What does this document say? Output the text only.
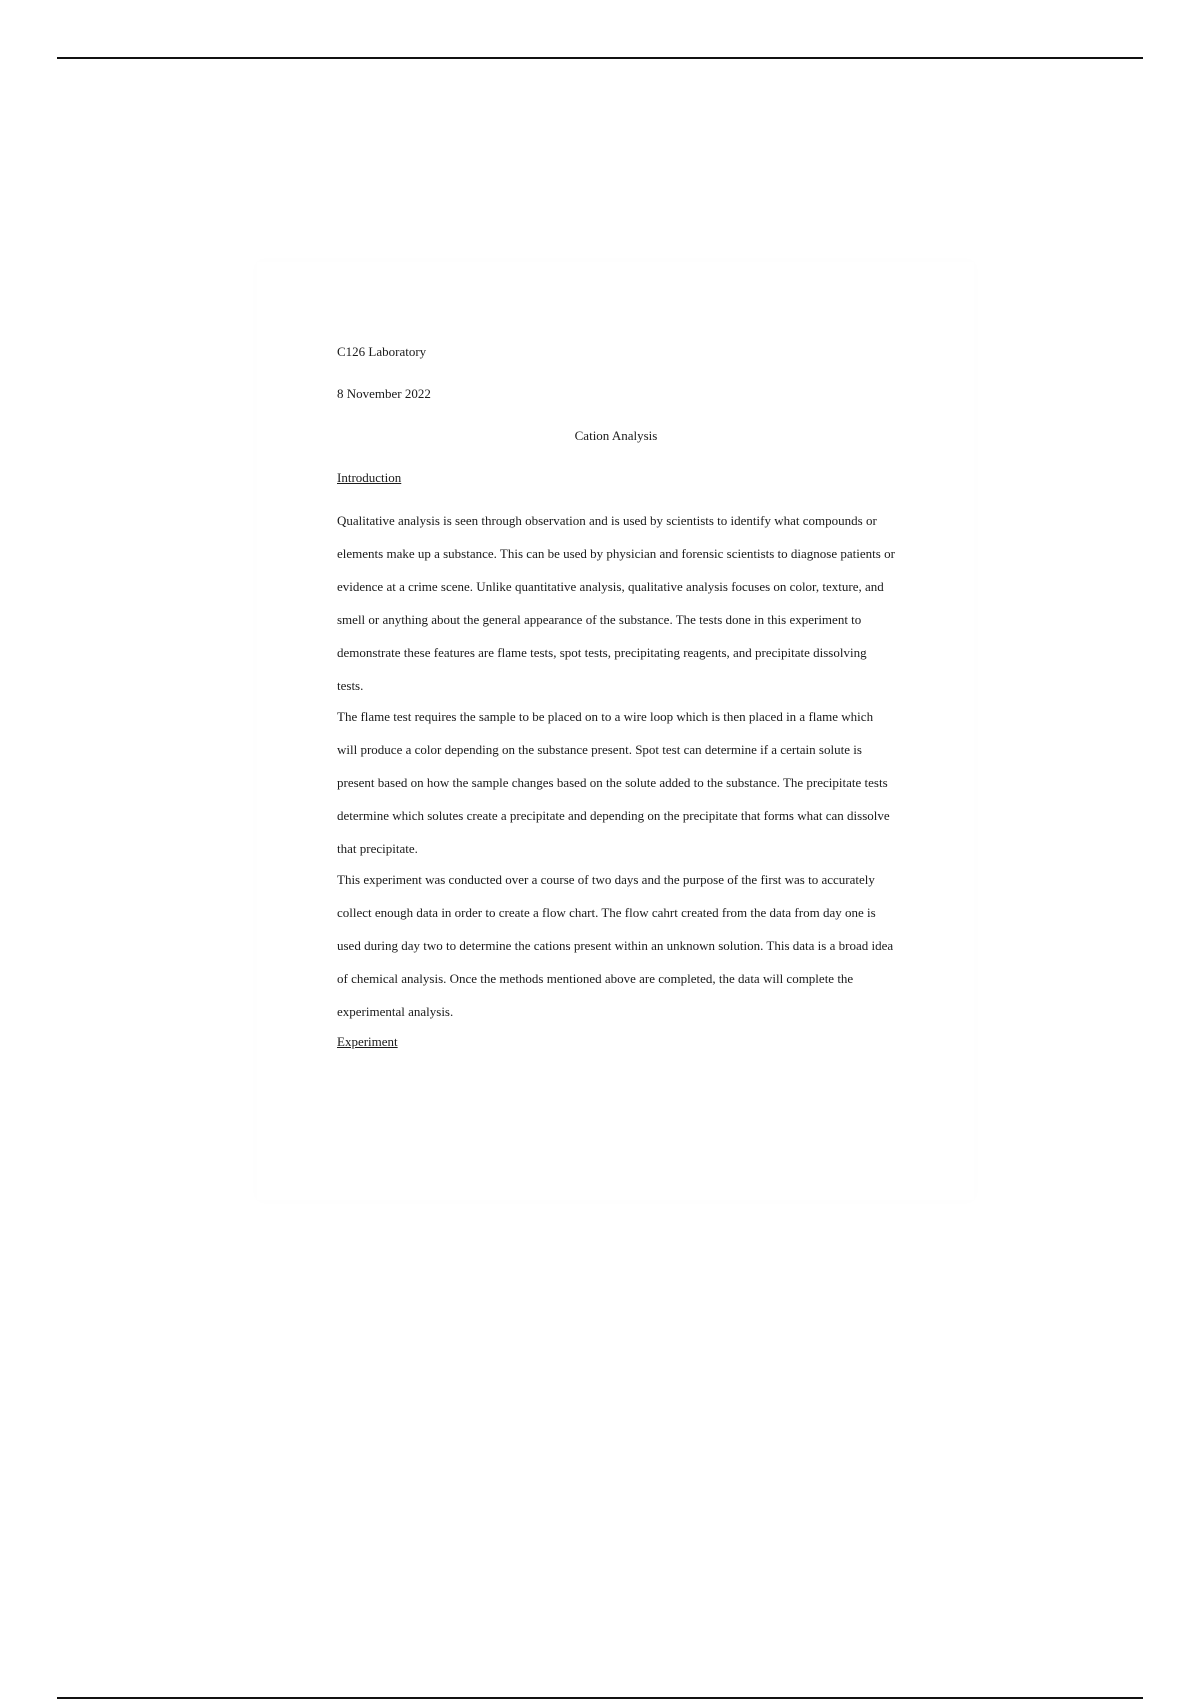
C126 Laboratory

8 November 2022

Cation Analysis

Introduction

Qualitative analysis is seen through observation and is used by scientists to identify what compounds or elements make up a substance. This can be used by physician and forensic scientists to diagnose patients or evidence at a crime scene. Unlike quantitative analysis, qualitative analysis focuses on color, texture, and smell or anything about the general appearance of the substance. The tests done in this experiment to demonstrate these features are flame tests, spot tests, precipitating reagents, and precipitate dissolving tests.

The flame test requires the sample to be placed on to a wire loop which is then placed in a flame which will produce a color depending on the substance present. Spot test can determine if a certain solute is present based on how the sample changes based on the solute added to the substance. The precipitate tests determine which solutes create a precipitate and depending on the precipitate that forms what can dissolve that precipitate.

This experiment was conducted over a course of two days and the purpose of the first was to accurately collect enough data in order to create a flow chart. The flow cahrt created from the data from day one is used during day two to determine the cations present within an unknown solution. This data is a broad idea of chemical analysis. Once the methods mentioned above are completed, the data will complete the experimental analysis.

Experiment
